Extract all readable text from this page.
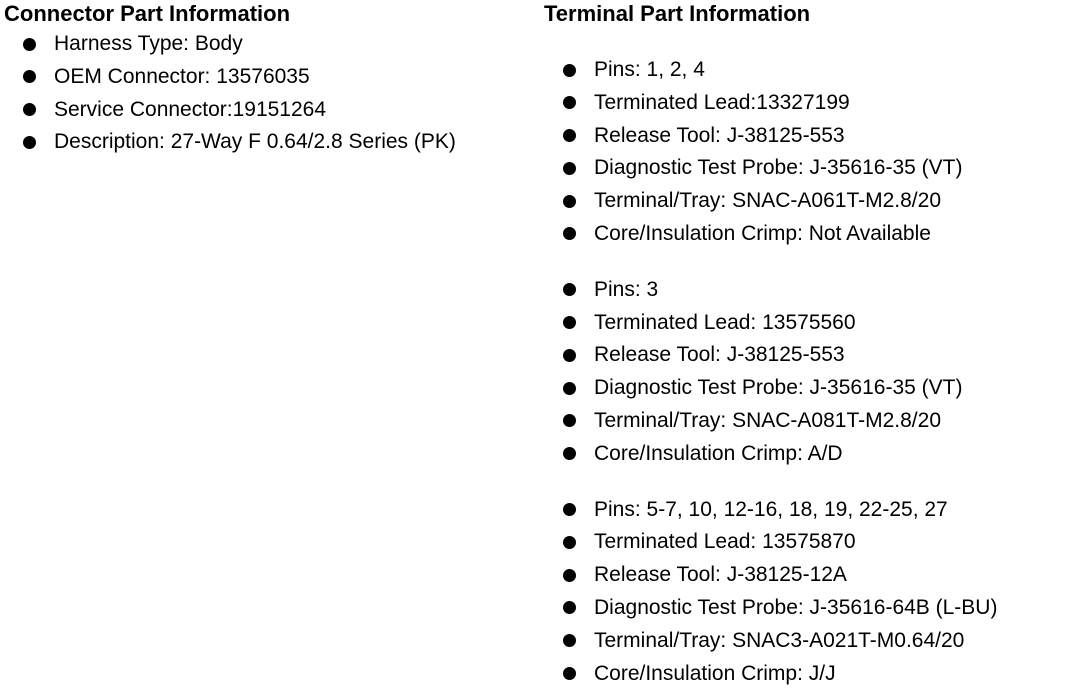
Connector Part Information
Harness Type: Body
OEM Connector: 13576035
Service Connector:19151264
Description: 27-Way F 0.64/2.8 Series (PK)
Terminal Part Information
Pins: 1, 2, 4
Terminated Lead:13327199
Release Tool: J-38125-553
Diagnostic Test Probe: J-35616-35 (VT)
Terminal/Tray: SNAC-A061T-M2.8/20
Core/Insulation Crimp: Not Available
Pins: 3
Terminated Lead: 13575560
Release Tool: J-38125-553
Diagnostic Test Probe: J-35616-35 (VT)
Terminal/Tray: SNAC-A081T-M2.8/20
Core/Insulation Crimp: A/D
Pins: 5-7, 10, 12-16, 18, 19, 22-25, 27
Terminated Lead: 13575870
Release Tool: J-38125-12A
Diagnostic Test Probe: J-35616-64B (L-BU)
Terminal/Tray: SNAC3-A021T-M0.64/20
Core/Insulation Crimp: J/J
